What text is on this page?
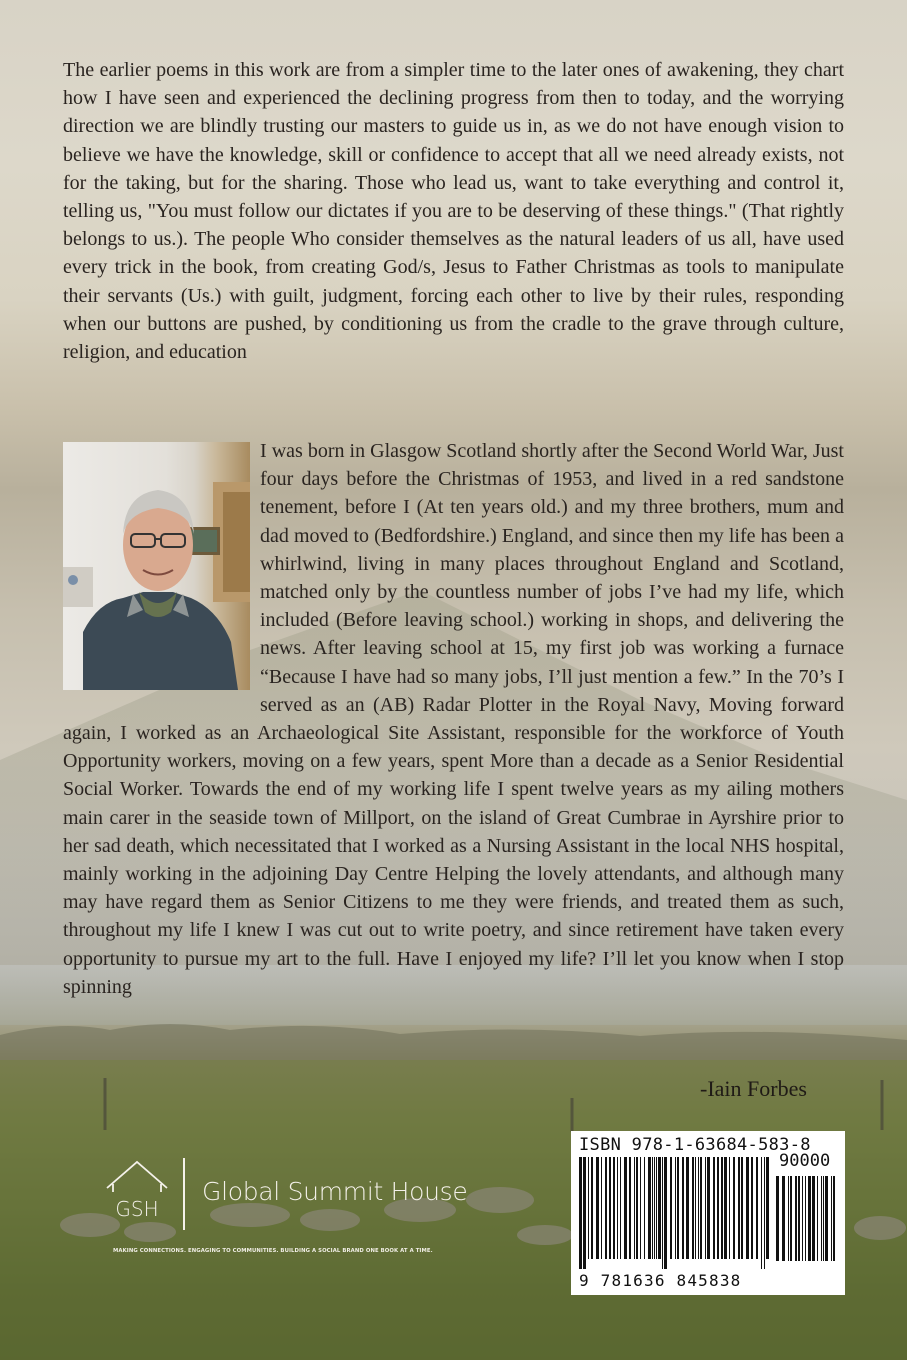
The earlier poems in this work are from a simpler time to the later ones of awakening, they chart how I have seen and experienced the declining progress from then to today, and the worrying direction we are blindly trusting our masters to guide us in, as we do not have enough vision to believe we have the knowledge, skill or confidence to accept that all we need already exists, not for the taking, but for the sharing. Those who lead us, want to take everything and control it, telling us, "You must follow our dictates if you are to be deserving of these things." (That rightly belongs to us.). The people Who consider themselves as the natural leaders of us all, have used every trick in the book, from creating God/s, Jesus to Father Christmas as tools to manipulate their servants (Us.) with guilt, judgment, forcing each other to live by their rules, responding when our buttons are pushed, by conditioning us from the cradle to the grave through culture, religion, and education
I was born in Glasgow Scotland shortly after the Second World War, Just four days before the Christmas of 1953, and lived in a red sandstone tenement, before I (At ten years old.) and my three brothers, mum and dad moved to (Bedfordshire.) England, and since then my life has been a whirlwind, living in many places throughout England and Scotland, matched only by the countless number of jobs I’ve had my life, which included (Before leaving school.) working in shops, and delivering the news. After leaving school at 15, my first job was working a furnace “Because I have had so many jobs, I’ll just mention a few.” In the 70’s I served as an (AB) Radar Plotter in the Royal Navy, Moving forward again, I worked as an Archaeological Site Assistant, responsible for the workforce of Youth Opportunity workers, moving on a few years, spent More than a decade as a Senior Residential Social Worker. Towards the end of my working life I spent twelve years as my ailing mothers main carer in the seaside town of Millport, on the island of Great Cumbrae in Ayrshire prior to her sad death, which necessitated that I worked as a Nursing Assistant in the local NHS hospital, mainly working in the adjoining Day Centre Helping the lovely attendants, and although many may have regard them as Senior Citizens to me they were friends, and treated them as such, throughout my life I knew I was cut out to write poetry, and since retirement have taken every opportunity to pursue my art to the full. Have I enjoyed my life? I’ll let you know when I stop spinning
-Iain Forbes
GSH
Global Summit House
MAKING CONNECTIONS. ENGAGING TO COMMUNITIES. BUILDING A SOCIAL BRAND ONE BOOK AT A TIME.
ISBN 978-1-63684-583-8
90000
9 781636 845838
